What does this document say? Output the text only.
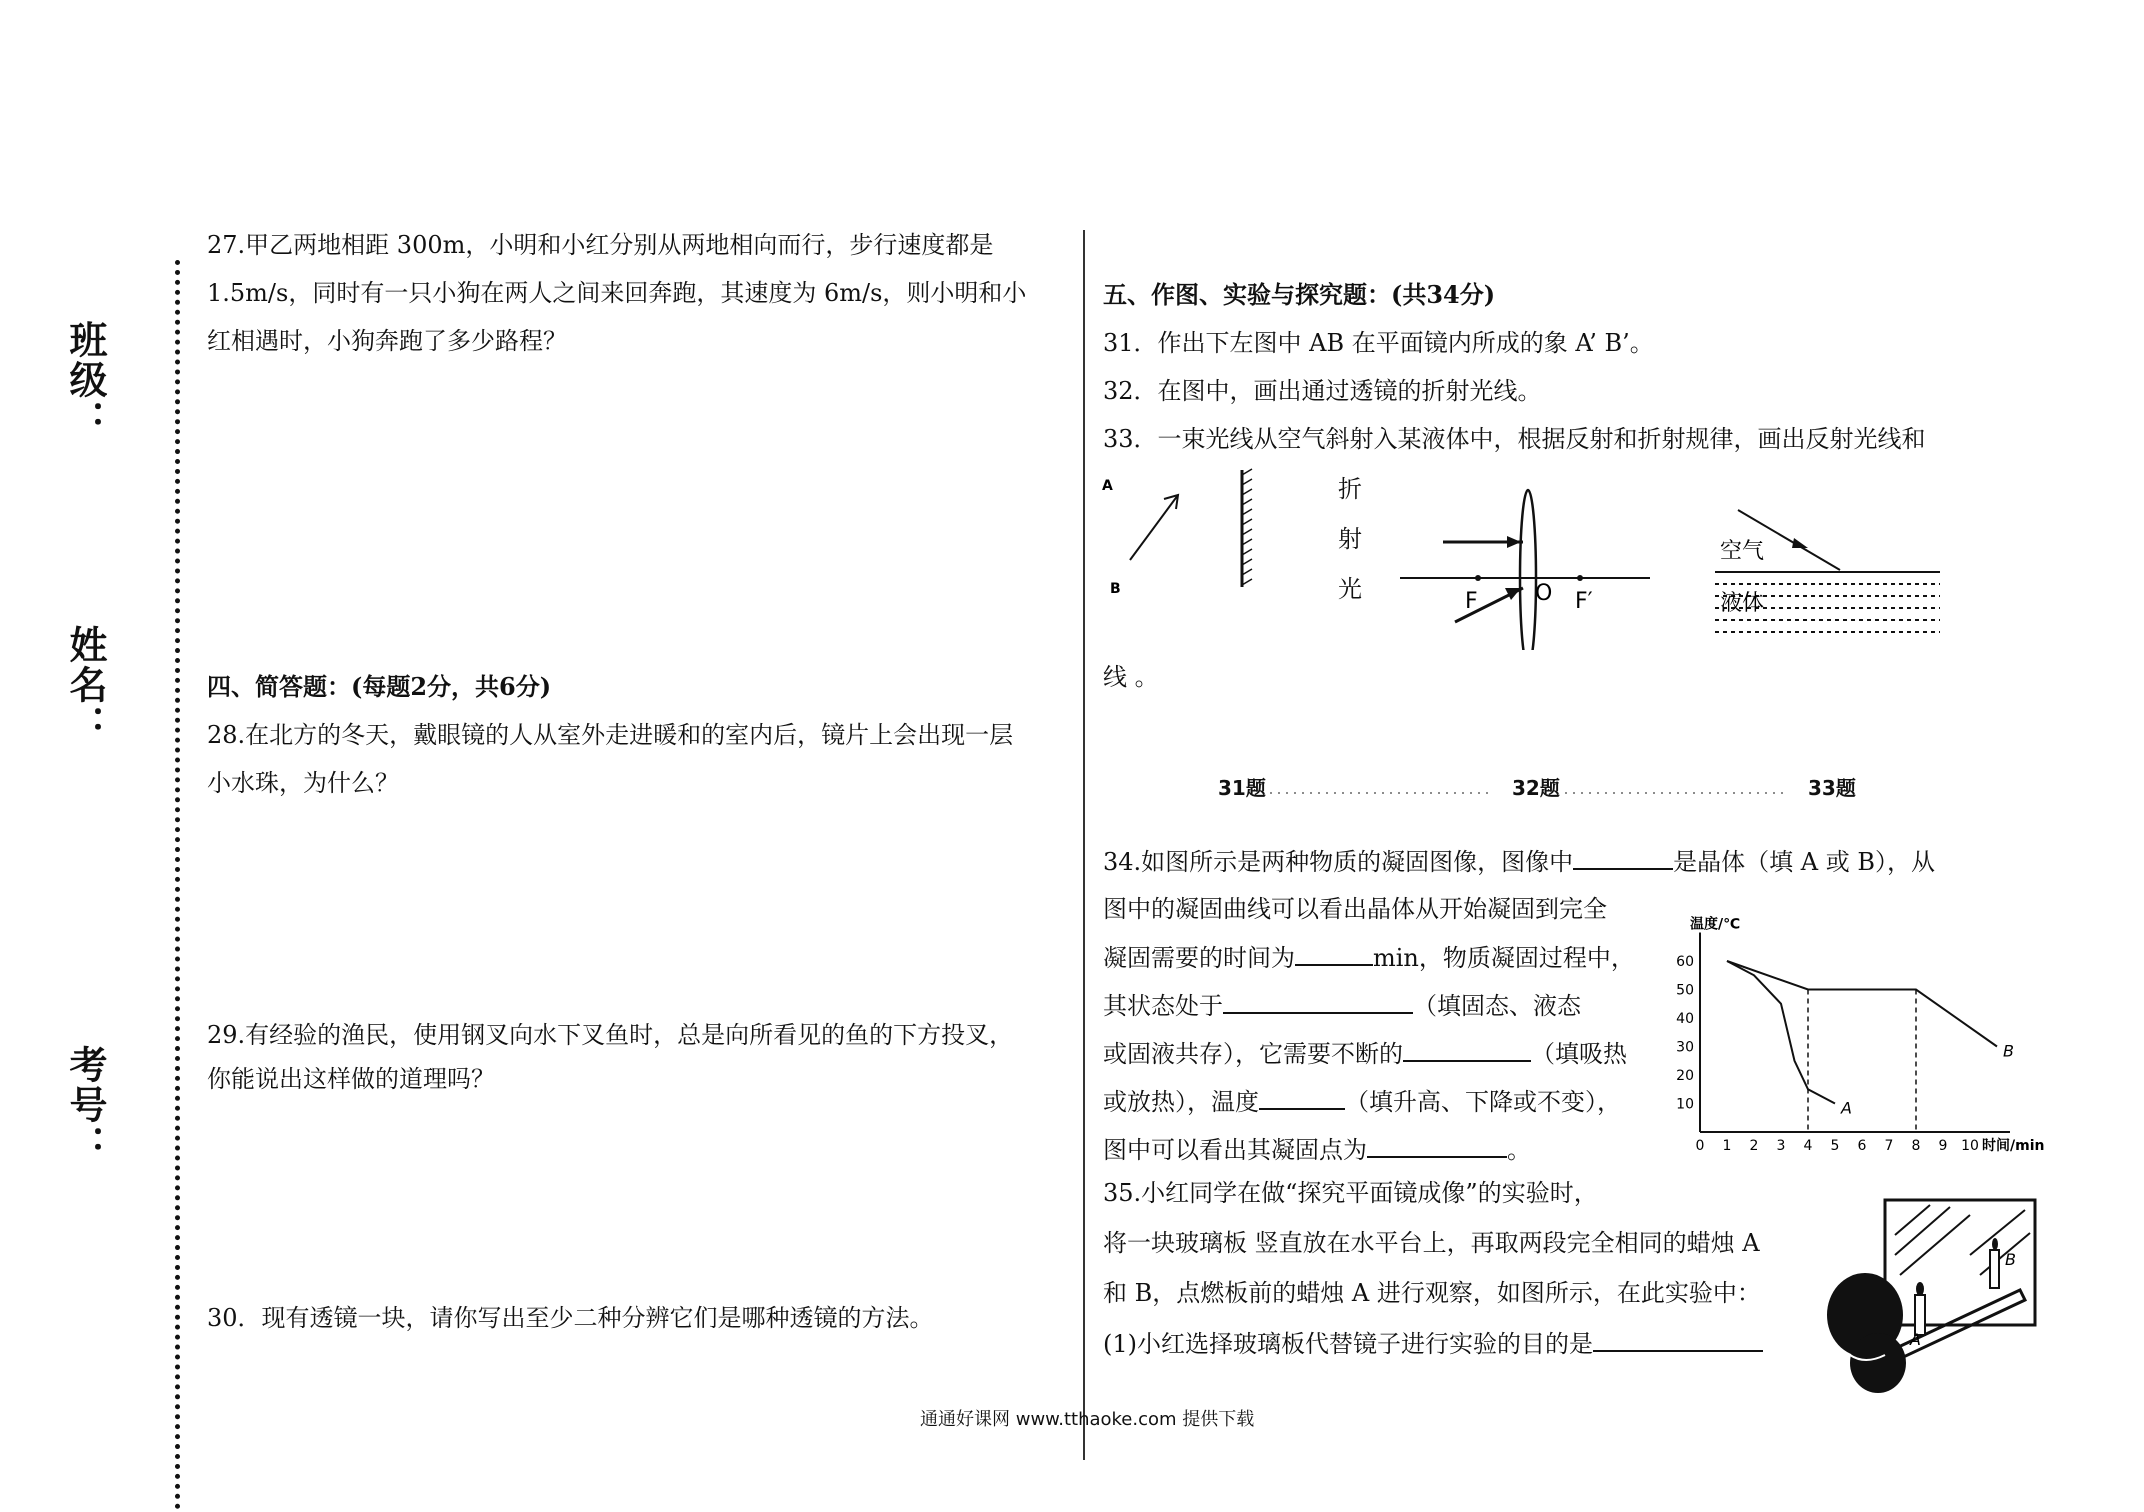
班级：
姓名：
考号：
27.甲乙两地相距 300m，小明和小红分别从两地相向而行，步行速度都是
1.5m/s，同时有一只小狗在两人之间来回奔跑，其速度为 6m/s，则小明和小
红相遇时，小狗奔跑了多少路程？
四、简答题：(每题2分，共6分)
28.在北方的冬天，戴眼镜的人从室外走进暖和的室内后，镜片上会出现一层
小水珠，为什么？
29.有经验的渔民，使用钢叉向水下叉鱼时，总是向所看见的鱼的下方投叉，
你能说出这样做的道理吗？
30．现有透镜一块，请你写出至少二种分辨它们是哪种透镜的方法。
五、作图、实验与探究题：(共34分)
31．作出下左图中 AB 在平面镜内所成的象 A’ B’。
32．在图中，画出通过透镜的折射光线。
33．一束光线从空气斜射入某液体中，根据反射和折射规律，画出反射光线和
折
射
光
线 。
A
B	F	O F′
空气
液体
31题	32题	33题
34.如图所示是两种物质的凝固图像，图像中	是晶体（填 A 或 B），从
图中的凝固曲线可以看出晶体从开始凝固到完全
凝固需要的时间为	min，物质凝固过程中，
其状态处于	（填固态、液态
或固液共存），它需要不断的	（填吸热
或放热），温度	（填升高、下降或不变），
图中可以看出其凝固点为	。
10
20
30
40
50
60
0 1 2 3 4 5 6 7 8 9 10
A
B
温度/℃
时间/min
35.小红同学在做“探究平面镜成像”的实验时，
将一块玻璃板 竖直放在水平台上，再取两段完全相同的蜡烛 A
和 B，点燃板前的蜡烛 A 进行观察，如图所示，在此实验中：
(1)小红选择玻璃板代替镜子进行实验的目的是	A
B
通通好课网 www.tthaoke.com 提供下载
